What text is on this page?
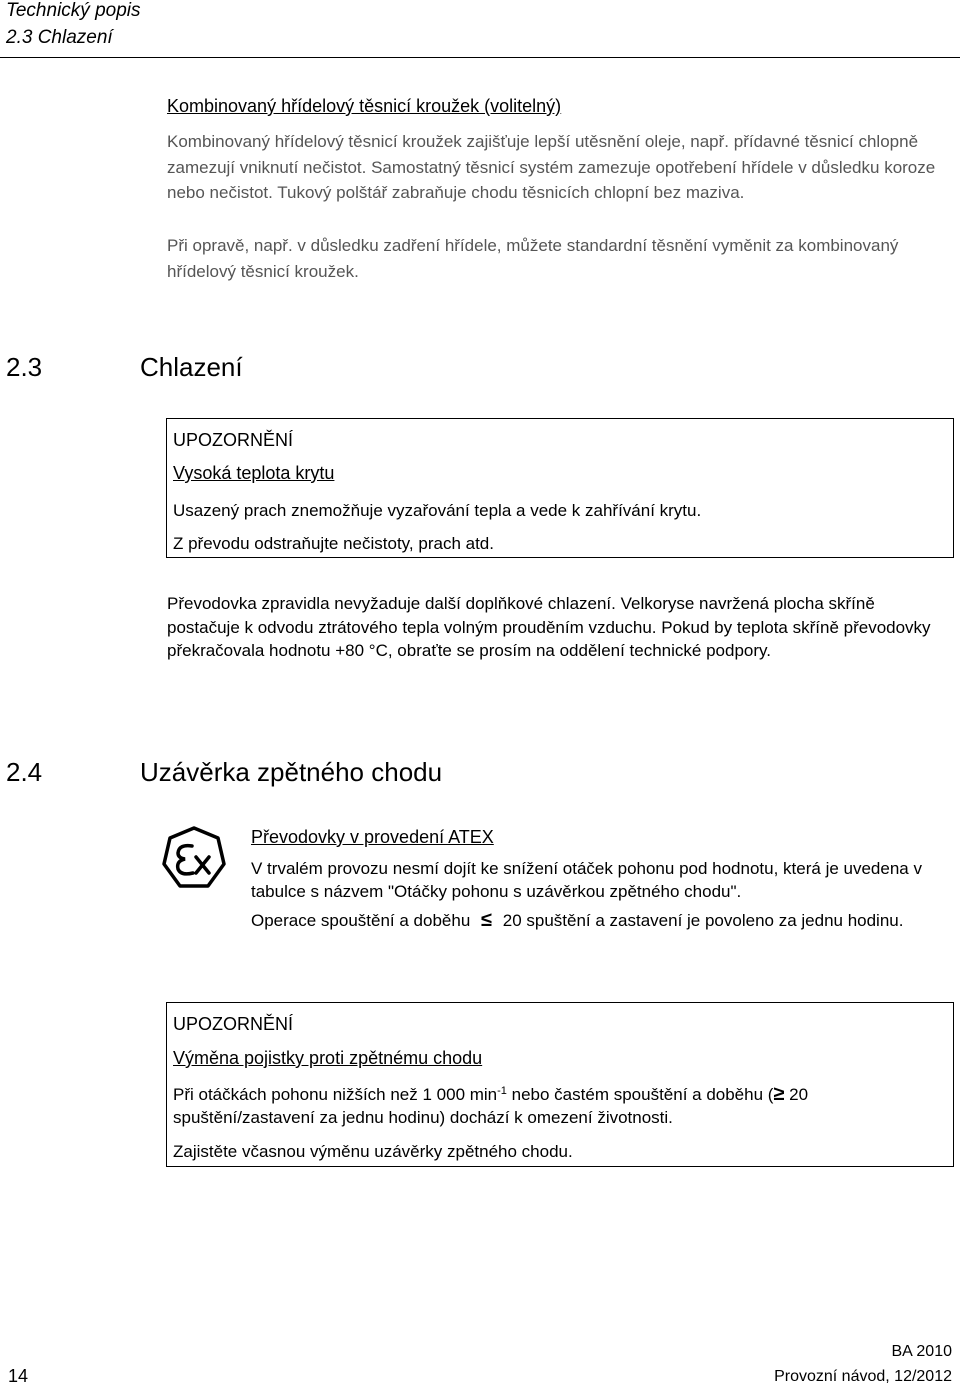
Technický popis
2.3 Chlazení
Kombinovaný hřídelový těsnicí kroužek (volitelný)
Kombinovaný hřídelový těsnicí kroužek zajišťuje lepší utěsnění oleje, např. přídavné těsnicí chlopně zamezují vniknutí nečistot. Samostatný těsnicí systém zamezuje opotřebení hřídele v důsledku koroze nebo nečistot. Tukový polštář zabraňuje chodu těsnicích chlopní bez maziva.
Při opravě, např. v důsledku zadření hřídele, můžete standardní těsnění vyměnit za kombinovaný hřídelový těsnicí kroužek.
2.3	Chlazení
UPOZORNĚNÍ
Vysoká teplota krytu
Usazený prach znemožňuje vyzařování tepla a vede k zahřívání krytu.
Z převodu odstraňujte nečistoty, prach atd.
Převodovka zpravidla nevyžaduje další doplňkové chlazení. Velkoryse navržená plocha skříně postačuje k odvodu ztrátového tepla volným prouděním vzduchu. Pokud by teplota skříně převodovky překračovala hodnotu +80 °C, obraťte se prosím na oddělení technické podpory.
2.4	Uzávěrka zpětného chodu
Převodovky v provedení ATEX
V trvalém provozu nesmí dojít ke snížení otáček pohonu pod hodnotu, která je uvedena v tabulce s názvem "Otáčky pohonu s uzávěrkou zpětného chodu".
Operace spouštění a doběhu ≤ 20 spuštění a zastavení je povoleno za jednu hodinu.
UPOZORNĚNÍ
Výměna pojistky proti zpětnému chodu
Při otáčkách pohonu nižších než 1 000 $\min^{-1}$ nebo častém spouštění a doběhu (≥ 20 spuštění/zastavení za jednu hodinu) dochází k omezení životnosti.
Zajistěte včasnou výměnu uzávěrky zpětného chodu.
14
BA 2010
Provozní návod, 12/2012
